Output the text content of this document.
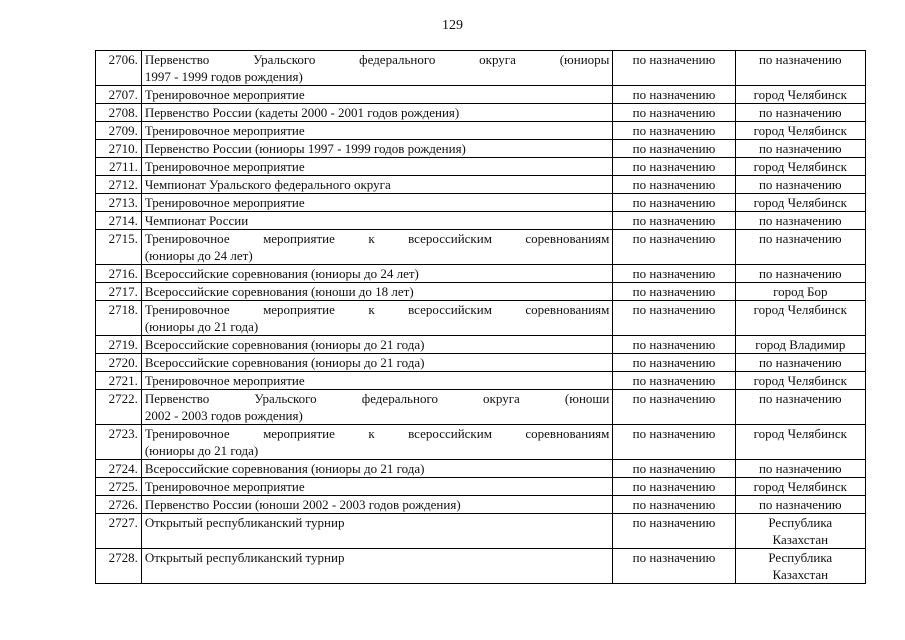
129
2706.	Первенство Уральского федерального округа (юниоры
1997 - 1999 годов рождения)	по назначению	по назначению

2707.	Тренировочное мероприятие	по назначению	город Челябинск

2708.	Первенство России (кадеты 2000 - 2001 годов рождения)	по назначению	по назначению

2709.	Тренировочное мероприятие	по назначению	город Челябинск

2710.	Первенство России (юниоры 1997 - 1999 годов рождения)	по назначению	по назначению

2711.	Тренировочное мероприятие	по назначению	город Челябинск

2712.	Чемпионат Уральского федерального округа	по назначению	по назначению

2713.	Тренировочное мероприятие	по назначению	город Челябинск

2714.	Чемпионат России	по назначению	по назначению

2715.	Тренировочное мероприятие к всероссийским соревнованиям
(юниоры до 24 лет)	по назначению	по назначению

2716.	Всероссийские соревнования (юниоры до 24 лет)	по назначению	по назначению

2717.	Всероссийские соревнования (юноши до 18 лет)	по назначению	город Бор

2718.	Тренировочное мероприятие к всероссийским соревнованиям
(юниоры до 21 года)	по назначению	город Челябинск

2719.	Всероссийские соревнования (юниоры до 21 года)	по назначению	город Владимир

2720.	Всероссийские соревнования (юниоры до 21 года)	по назначению	по назначению

2721.	Тренировочное мероприятие	по назначению	город Челябинск

2722.	Первенство Уральского федерального округа (юноши
2002 - 2003 годов рождения)	по назначению	по назначению

2723.	Тренировочное мероприятие к всероссийским соревнованиям
(юниоры до 21 года)	по назначению	город Челябинск

2724.	Всероссийские соревнования (юниоры до 21 года)	по назначению	по назначению

2725.	Тренировочное мероприятие	по назначению	город Челябинск

2726.	Первенство России (юноши 2002 - 2003 годов рождения)	по назначению	по назначению

2727.	Открытый республиканский турнир	по назначению	Республика
Казахстан

2728.	Открытый республиканский турнир	по назначению	Республика
Казахстан
